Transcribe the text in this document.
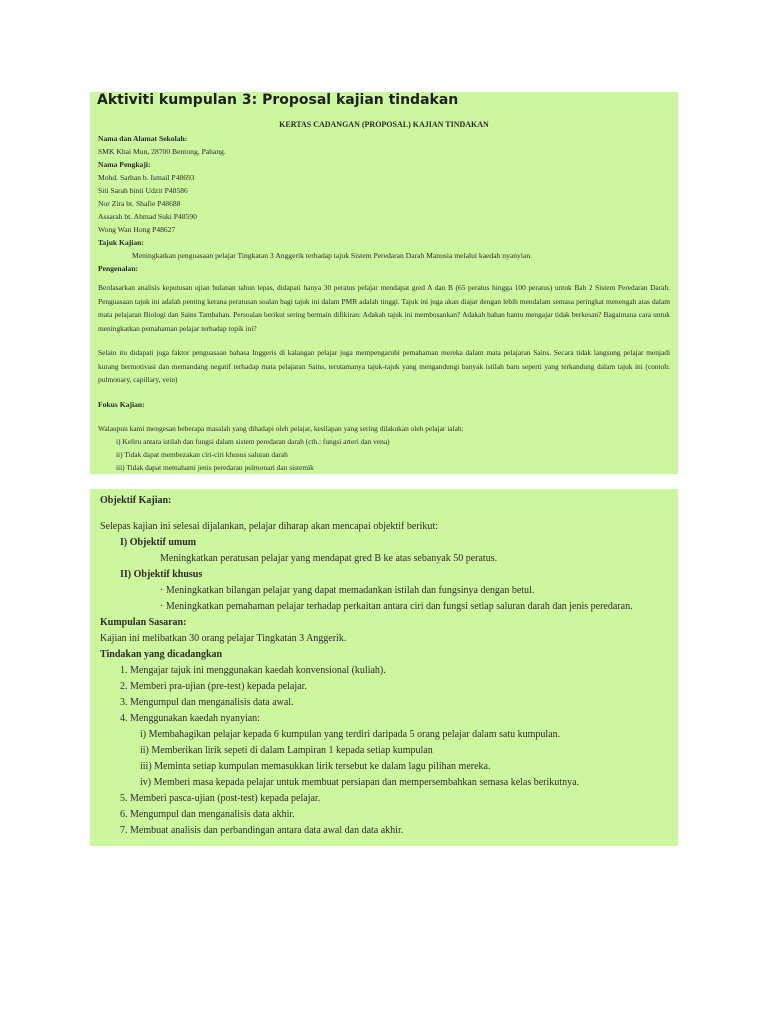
Aktiviti kumpulan 3: Proposal kajian tindakan
KERTAS CADANGAN (PROPOSAL) KAJIAN TINDAKAN
Nama dan Alamat Sekolah:
SMK Khai Mun, 28700 Bentong, Pahang.
Nama Pengkaji:
Mohd. Sarhan b. Ismail P48693
Siti Sarah binti Udzir P48586
Nor Zira bt. Shafie P48688
Assarah bt. Ahmad Suki P48590
Wong Wan Hong P48627
Tajuk Kajian:
Meningkatkan penguasaan pelajar Tingkatan 3 Anggerik terhadap tajuk Sistem Peredaran Darah Manusia melalui kaedah nyanyian.
Pengenalan:
Berdasarkan analisis keputusan ujian bulanan tahun lepas, didapati hanya 30 peratus pelajar mendapat gred A dan B (65 peratus hingga 100 peratus) untuk Bab 2 Sistem Peredaran Darah. Penguasaan tajuk ini adalah penting kerana peratusan soalan bagi tajuk ini dalam PMR adalah tinggi. Tajuk ini juga akan diajar dengan lebih mendalam semasa peringkat menengah atas dalam mata pelajaran Biologi dan Sains Tambahan. Persoalan berikut sering bermain difikiran: Adakah tajuk ini membosankan? Adakah bahan bantu mengajar tidak berkesan? Bagaimana cara untuk meningkatkan pemahaman pelajar terhadap topik ini?
Selain itu didapati juga faktor penguasaan bahasa Inggeris di kalangan pelajar juga mempengaruhi pemahaman mereka dalam mata pelajaran Sains. Secara tidak langsung pelajar menjadi kurang bermotivasi dan memandang negatif terhadap mata pelajaran Sains, terutamanya tajuk-tajuk yang mengandungi banyak istilah baru seperti yang terkandung dalam tajuk ini (contoh: pulmonary, capillary, vein)
Fokus Kajian:
Walaupun kami mengesan beberapa masalah yang dihadapi oleh pelajar, kesilapan yang sering dilakukan oleh pelajar ialah:
i) Keliru antara istilah dan fungsi dalam sistem peredaran darah (cth.: fungsi arteri dan vena)
ii) Tidak dapat membezakan ciri-ciri khusus saluran darah
iii) Tidak dapat memahami jenis peredaran pulmonari dan sistemik
Objektif Kajian:
Selepas kajian ini selesai dijalankan, pelajar diharap akan mencapai objektif berikut:
I) Objektif umum
Meningkatkan peratusan pelajar yang mendapat gred B ke atas sebanyak 50 peratus.
II) Objektif khusus
· Meningkatkan bilangan pelajar yang dapat memadankan istilah dan fungsinya dengan betul.
· Meningkatkan pemahaman pelajar terhadap perkaitan antara ciri dan fungsi setiap saluran darah dan jenis peredaran.
Kumpulan Sasaran:
Kajian ini melibatkan 30 orang pelajar Tingkatan 3 Anggerik.
Tindakan yang dicadangkan
1. Mengajar tajuk ini menggunakan kaedah konvensional (kuliah).
2. Memberi pra-ujian (pre-test) kepada pelajar.
3. Mengumpul dan menganalisis data awal.
4. Menggunakan kaedah nyanyian:
i) Membahagikan pelajar kepada 6 kumpulan yang terdiri daripada 5 orang pelajar dalam satu kumpulan.
ii) Memberikan lirik sepeti di dalam Lampiran 1 kepada setiap kumpulan
iii) Meminta setiap kumpulan memasukkan lirik tersebut ke dalam lagu pilihan mereka.
iv) Memberi masa kepada pelajar untuk membuat persiapan dan mempersembahkan semasa kelas berikutnya.
5. Memberi pasca-ujian (post-test) kepada pelajar.
6. Mengumpul dan menganalisis data akhir.
7. Membuat analisis dan perbandingan antara data awal dan data akhir.
